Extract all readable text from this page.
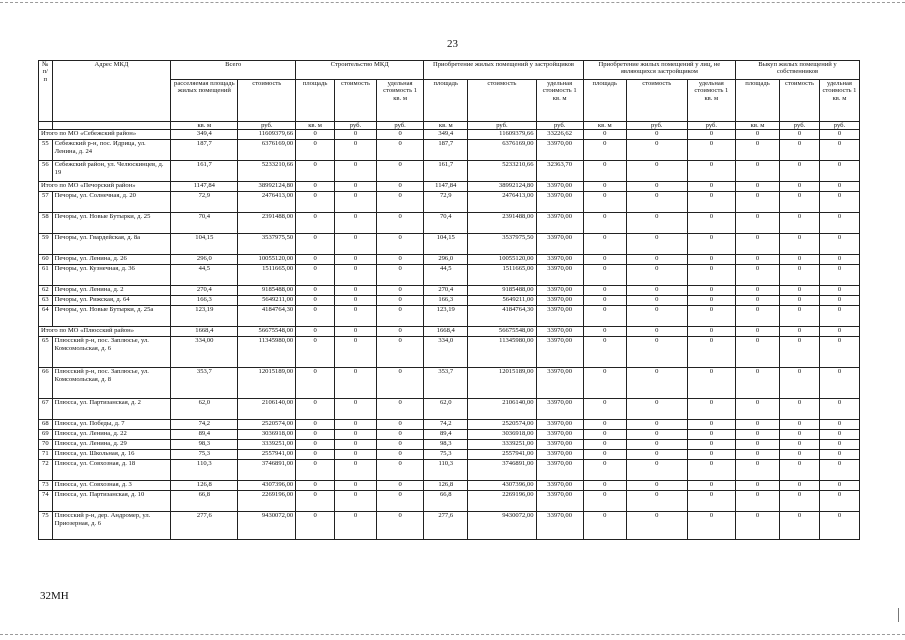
23
№ п/п	Адрес МКД	Всего		Строительство МКД			Приобретение жилых помещений у застройщиков			Приобретение жилых помещений у лиц, не являющихся застройщиком			Выкуп жилых помещений у собственников		
		расселяемая площадь жилых помещений	стоимость	площадь	стоимость	удельная стоимость 1 кв. м	площадь	стоимость	удельная стоимость 1 кв. м	площадь	стоимость	удельная стоимость 1 кв. м	площадь	стоимость	удельная стоимость 1 кв. м
		кв. м	руб.	кв. м	руб.	руб.	кв. м	руб.	руб.	кв. м	руб.	руб.	кв. м	руб.	руб.
Итого по МО «Себежский район»		349,4	11609379,66	0	0	0	349,4	11609379,66	33226,62	0	0	0	0	0	0
55	Себежский р-н, пос. Идрица, ул. Ленина, д. 24	187,7	6376169,00	0	0	0	187,7	6376169,00	33970,00	0	0	0	0	0	0
56	Себежский район, ул. Челюскинцев, д. 19	161,7	5233210,66	0	0	0	161,7	5233210,66	32363,70	0	0	0	0	0	0
Итого по МО «Печорский район»		1147,84	38992124,80	0	0	0	1147,84	38992124,80	33970,00	0	0	0	0	0	0
57	Печоры, ул. Солнечная, д. 20	72,9	2476413,00	0	0	0	72,9	2476413,00	33970,00	0	0	0	0	0	0
58	Печоры, ул. Новые Бутырки, д. 25	70,4	2391488,00	0	0	0	70,4	2391488,00	33970,00	0	0	0	0	0	0
59	Печоры, ул. Гвардейская, д. 8а	104,15	3537975,50	0	0	0	104,15	3537975,50	33970,00	0	0	0	0	0	0
60	Печоры, ул. Ленина, д. 26	296,0	10055120,00	0	0	0	296,0	10055120,00	33970,00	0	0	0	0	0	0
61	Печоры, ул. Кузнечная, д. 36	44,5	1511665,00	0	0	0	44,5	1511665,00	33970,00	0	0	0	0	0	0
62	Печоры, ул. Ленина, д. 2	270,4	9185488,00	0	0	0	270,4	9185488,00	33970,00	0	0	0	0	0	0
63	Печоры, ул. Рижская, д. 64	166,3	5649211,00	0	0	0	166,3	5649211,00	33970,00	0	0	0	0	0	0
64	Печоры, ул. Новые Бутырки, д. 25а	123,19	4184764,30	0	0	0	123,19	4184764,30	33970,00	0	0	0	0	0	0
Итого по МО «Плюсский район»		1668,4	56675548,00	0	0	0	1668,4	56675548,00	33970,00	0	0	0	0	0	0
65	Плюсский р-н, пос. Заплюсье, ул. Комсомольская, д. 6	334,00	11345980,00	0	0	0	334,0	11345980,00	33970,00	0	0	0	0	0	0
66	Плюсский р-н, пос. Заплюсье, ул. Комсомольская, д. 8	353,7	12015189,00	0	0	0	353,7	12015189,00	33970,00	0	0	0	0	0	0
67	Плюсса, ул. Партизанская, д. 2	62,0	2106140,00	0	0	0	62,0	2106140,00	33970,00	0	0	0	0	0	0
68	Плюсса, ул. Победы, д. 7	74,2	2520574,00	0	0	0	74,2	2520574,00	33970,00	0	0	0	0	0	0
69	Плюсса, ул. Ленина, д. 22	89,4	3036918,00	0	0	0	89,4	3036918,00	33970,00	0	0	0	0	0	0
70	Плюсса, ул. Ленина, д. 29	98,3	3339251,00	0	0	0	98,3	3339251,00	33970,00	0	0	0	0	0	0
71	Плюсса, ул. Школьная, д. 16	75,3	2557941,00	0	0	0	75,3	2557941,00	33970,00	0	0	0	0	0	0
72	Плюсса, ул. Совхозная, д. 18	110,3	3746891,00	0	0	0	110,3	3746891,00	33970,00	0	0	0	0	0	0
73	Плюсса, ул. Совхозная, д. 3	126,8	4307396,00	0	0	0	126,8	4307396,00	33970,00	0	0	0	0	0	0
74	Плюсса, ул. Партизанская, д. 10	66,8	2269196,00	0	0	0	66,8	2269196,00	33970,00	0	0	0	0	0	0
75	Плюсский р-н, дер. Андромер, ул. Приозерная, д. 6	277,6	9430072,00	0	0	0	277,6	9430072,00	33970,00	0	0	0	0	0	0
32MH
